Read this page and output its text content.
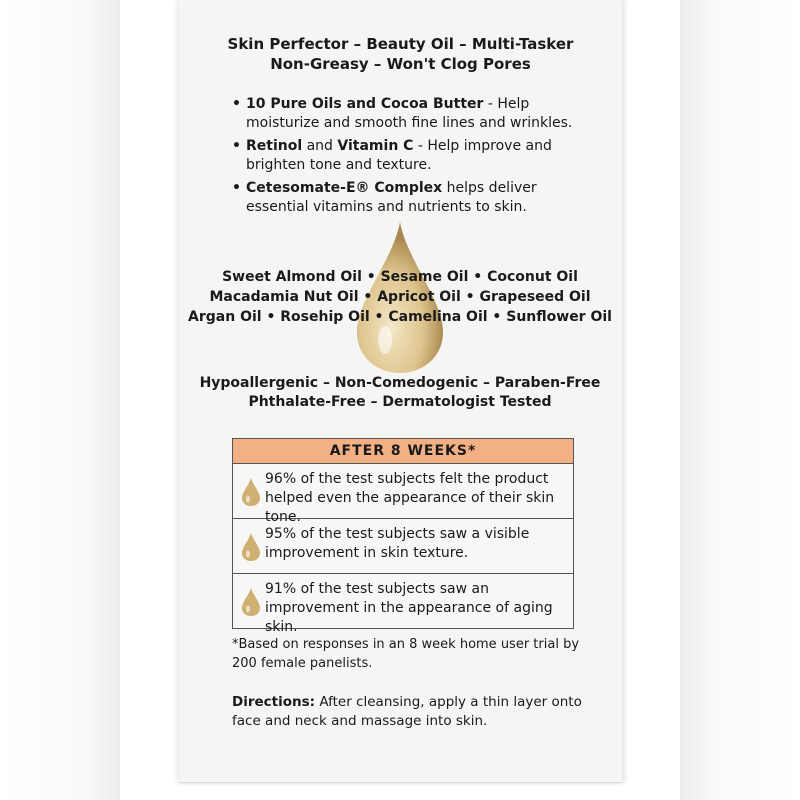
Skin Perfector – Beauty Oil – Multi-Tasker
Non-Greasy – Won't Clog Pores
• 10 Pure Oils and Cocoa Butter - Help moisturize and smooth fine lines and wrinkles.
• Retinol and Vitamin C - Help improve and brighten tone and texture.
• Cetesomate-E® Complex helps deliver essential vitamins and nutrients to skin.
Sweet Almond Oil • Sesame Oil • Coconut Oil
Macadamia Nut Oil • Apricot Oil • Grapeseed Oil
Argan Oil • Rosehip Oil • Camelina Oil • Sunflower Oil
Hypoallergenic – Non-Comedogenic – Paraben-Free
Phthalate-Free – Dermatologist Tested
AFTER 8 WEEKS*
96% of the test subjects felt the product helped even the appearance of their skin tone.
95% of the test subjects saw a visible improvement in skin texture.
91% of the test subjects saw an improvement in the appearance of aging skin.
*Based on responses in an 8 week home user trial by 200 female panelists.
Directions: After cleansing, apply a thin layer onto face and neck and massage into skin.
